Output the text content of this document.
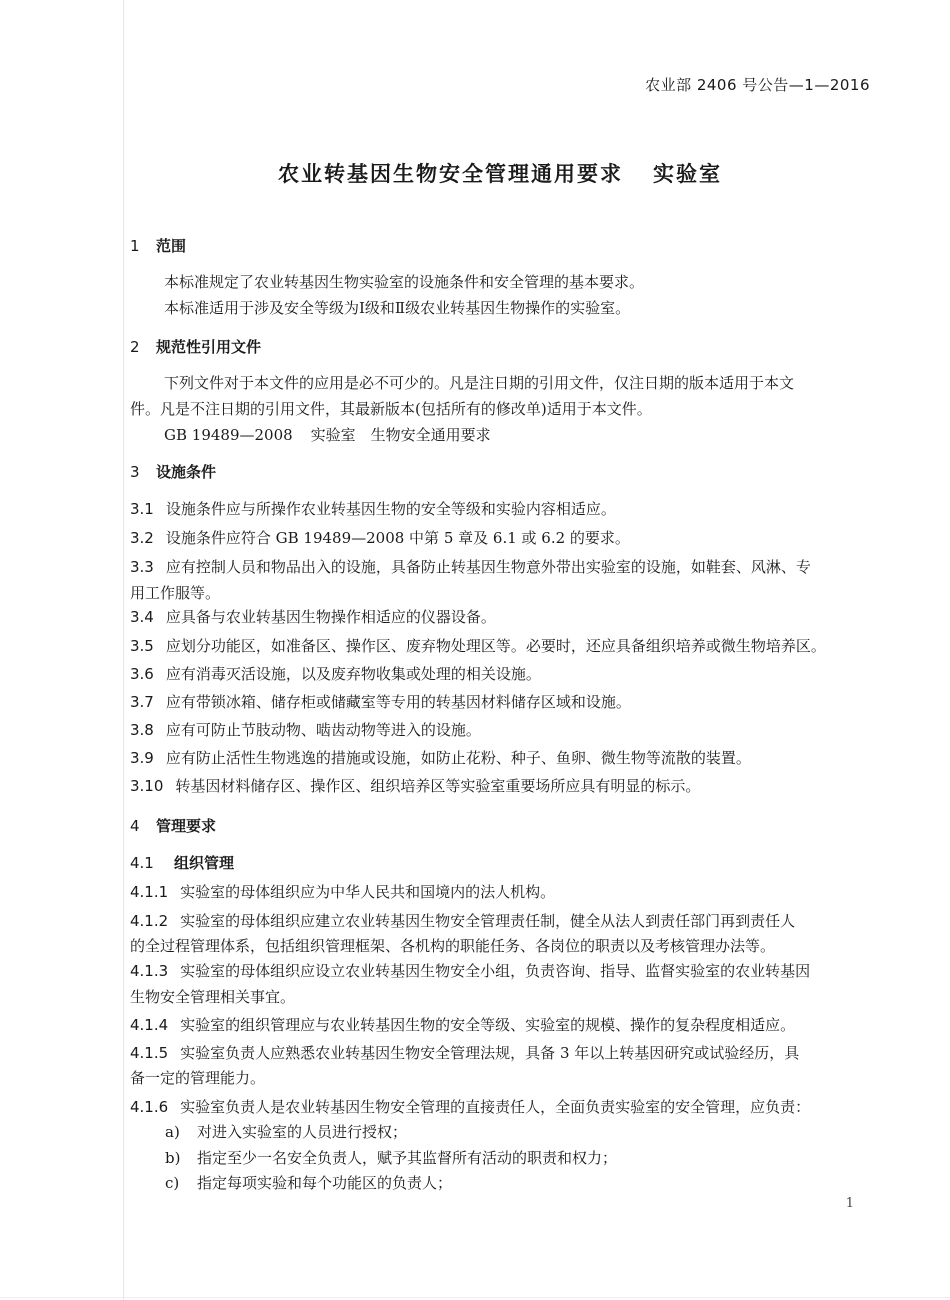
农业部 2406 号公告—1—2016
农业转基因生物安全管理通用要求 实验室
1 范围
本标准规定了农业转基因生物实验室的设施条件和安全管理的基本要求。
本标准适用于涉及安全等级为Ⅰ级和Ⅱ级农业转基因生物操作的实验室。
2 规范性引用文件
下列文件对于本文件的应用是必不可少的。凡是注日期的引用文件，仅注日期的版本适用于本文
件。凡是不注日期的引用文件，其最新版本(包括所有的修改单)适用于本文件。
GB 19489—2008 实验室　生物安全通用要求
3 设施条件
3.1 设施条件应与所操作农业转基因生物的安全等级和实验内容相适应。
3.2 设施条件应符合 GB 19489—2008 中第 5 章及 6.1 或 6.2 的要求。
3.3 应有控制人员和物品出入的设施，具备防止转基因生物意外带出实验室的设施，如鞋套、风淋、专
用工作服等。
3.4 应具备与农业转基因生物操作相适应的仪器设备。
3.5 应划分功能区，如准备区、操作区、废弃物处理区等。必要时，还应具备组织培养或微生物培养区。
3.6 应有消毒灭活设施，以及废弃物收集或处理的相关设施。
3.7 应有带锁冰箱、储存柜或储藏室等专用的转基因材料储存区域和设施。
3.8 应有可防止节肢动物、啮齿动物等进入的设施。
3.9 应有防止活性生物逃逸的措施或设施，如防止花粉、种子、鱼卵、微生物等流散的装置。
3.10 转基因材料储存区、操作区、组织培养区等实验室重要场所应具有明显的标示。
4 管理要求
4.1 组织管理
4.1.1 实验室的母体组织应为中华人民共和国境内的法人机构。
4.1.2 实验室的母体组织应建立农业转基因生物安全管理责任制，健全从法人到责任部门再到责任人
的全过程管理体系，包括组织管理框架、各机构的职能任务、各岗位的职责以及考核管理办法等。
4.1.3 实验室的母体组织应设立农业转基因生物安全小组，负责咨询、指导、监督实验室的农业转基因
生物安全管理相关事宜。
4.1.4 实验室的组织管理应与农业转基因生物的安全等级、实验室的规模、操作的复杂程度相适应。
4.1.5 实验室负责人应熟悉农业转基因生物安全管理法规，具备 3 年以上转基因研究或试验经历，具
备一定的管理能力。
4.1.6 实验室负责人是农业转基因生物安全管理的直接责任人，全面负责实验室的安全管理，应负责：
a) 对进入实验室的人员进行授权；
b) 指定至少一名安全负责人，赋予其监督所有活动的职责和权力；
c) 指定每项实验和每个功能区的负责人；
1
